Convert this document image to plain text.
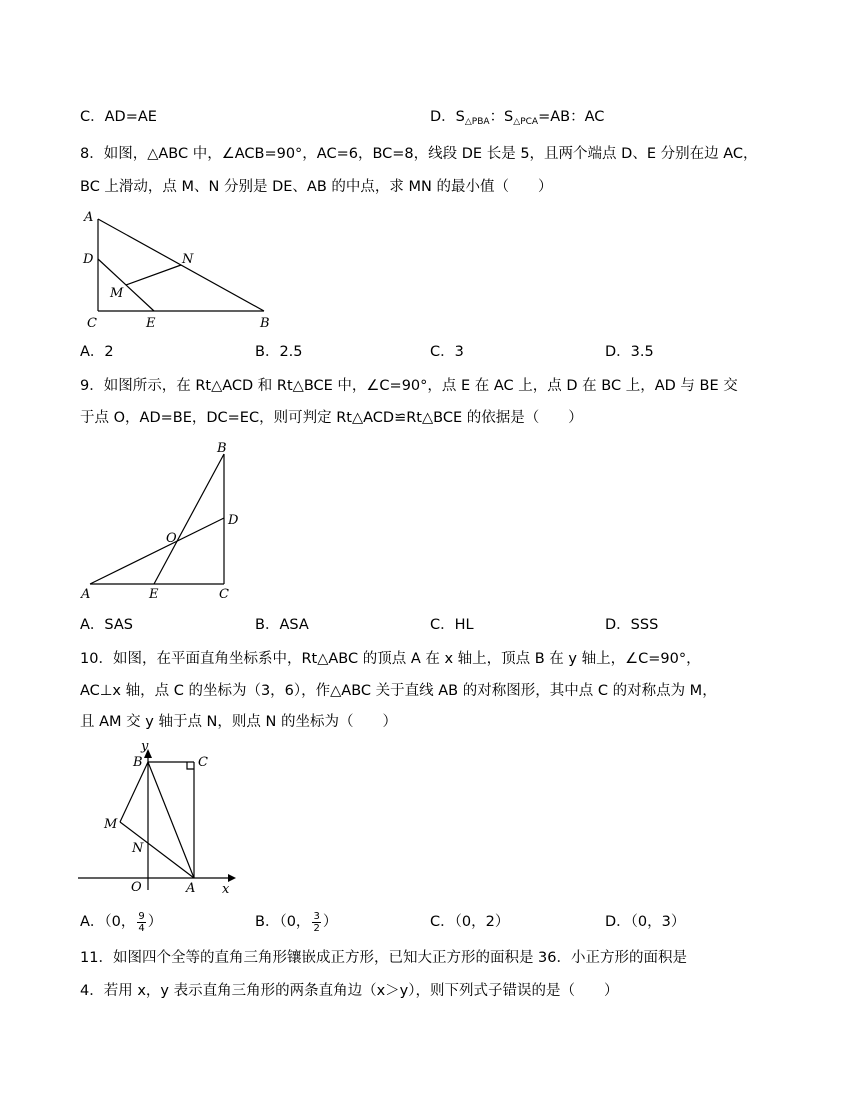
C．AD=AE	D．$S_{\triangle PBA}$：$S_{\triangle PCA}=AB$：AC
8．如图，△ABC 中，∠ACB=90°，AC=6，BC=8，线段 DE 长是 5，且两个端点 D、E 分别在边 AC，
BC 上滑动，点 M、N 分别是 DE、AB 的中点，求 MN 的最小值（　　）
A
D	N
M
C	E	B
A．2	B．2.5	C．3	D．3.5
9．如图所示，在 Rt△ACD 和 Rt△BCE 中，∠C=90°，点 E 在 AC 上，点 D 在 BC 上，AD 与 BE 交
于点 O，AD=BE，DC=EC，则可判定 Rt△ACD≌Rt△BCE 的依据是（　　）
B
D
O
A	E	C
A．SAS	B．ASA	C．HL	D．SSS
10．如图，在平面直角坐标系中，Rt△ABC 的顶点 A 在 x 轴上，顶点 B 在 y 轴上，∠C=90°，
AC⊥x 轴，点 C 的坐标为（3，6），作△ABC 关于直线 AB 的对称图形，其中点 C 的对称点为 M，
且 AM 交 y 轴于点 N，则点 N 的坐标为（　　）
y
B	C
M
N
O	A x
A．（0， $\frac{9}{4}$ ）	B．（0， $\frac{3}{2}$ ）	C．（0，2）	D．（0，3）
11．如图四个全等的直角三角形镶嵌成正方形，已知大正方形的面积是 36．小正方形的面积是
4．若用 x，y 表示直角三角形的两条直角边（x＞y），则下列式子错误的是（　　）
